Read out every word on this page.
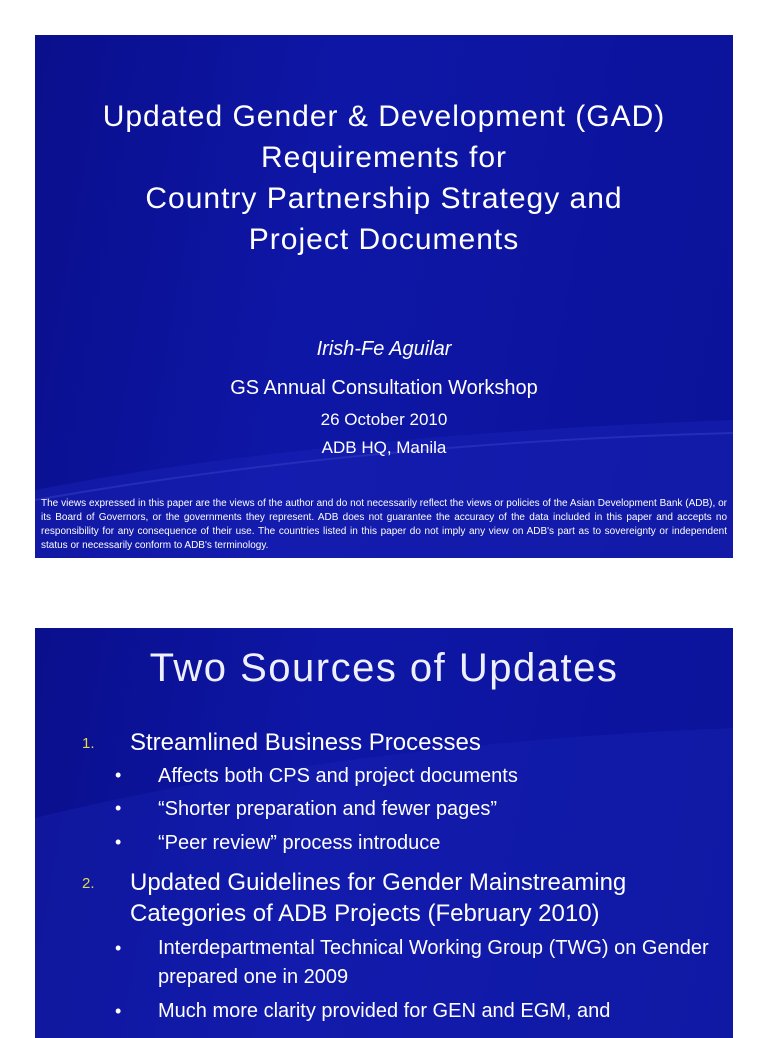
Updated Gender & Development (GAD)
Requirements for
Country Partnership Strategy and
Project Documents
Irish-Fe Aguilar
GS Annual Consultation Workshop
26 October 2010
ADB HQ, Manila

The views expressed in this paper are the views of the author and do not necessarily reflect the views or policies of the Asian Development Bank (ADB), or its Board of Governors, or the governments they represent. ADB does not guarantee the accuracy of the data included in this paper and accepts no responsibility for any consequence of their use. The countries listed in this paper do not imply any view on ADB's part as to sovereignty or independent status or necessarily conform to ADB's terminology.

Two Sources of Updates
1. Streamlined Business Processes
• Affects both CPS and project documents
• “Shorter preparation and fewer pages”
• “Peer review” process introduce
2. Updated Guidelines for Gender Mainstreaming Categories of ADB Projects (February 2010)
• Interdepartmental Technical Working Group (TWG) on Gender prepared one in 2009
• Much more clarity provided for GEN and EGM, and
